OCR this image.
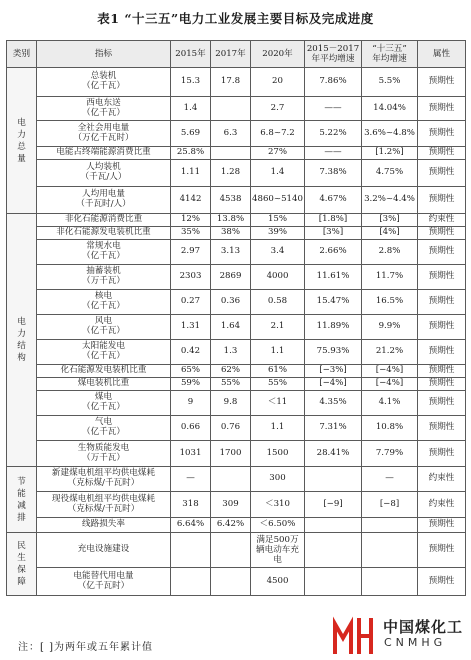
表1 “十三五”电力工业发展主要目标及完成进度
类别	指标	2015年	2017年	2020年	2015－2017
年平均增速	“十三五”
年均增速	属性
电力总量	总装机
（亿千瓦）	15.3	17.8	20	7.86%	5.5%	预期性

	西电东送
（亿千瓦）	1.4		2.7	——	14.04%	预期性

	全社会用电量
（万亿千瓦时）	5.69	6.3	6.8~7.2	5.22%	3.6%~4.8%	预期性

	电能占终端能源消费比重	25.8%		27%	——	[1.2%]	预期性

	人均装机
（千瓦/人）	1.11	1.28	1.4	7.38%	4.75%	预期性

	人均用电量
（千瓦时/人）	4142	4538	4860~5140	4.67%	3.2%~4.4%	预期性
电力结构	非化石能源消费比重	12%	13.8%	15%	[1.8%]	[3%]	约束性

	非化石能源发电装机比重	35%	38%	39%	[3%]	[4%]	预期性

	常规水电
（亿千瓦）	2.97	3.13	3.4	2.66%	2.8%	预期性

	抽蓄装机
（万千瓦）	2303	2869	4000	11.61%	11.7%	预期性

	核电
（亿千瓦）	0.27	0.36	0.58	15.47%	16.5%	预期性

	风电
（亿千瓦）	1.31	1.64	2.1	11.89%	9.9%	预期性

	太阳能发电
（亿千瓦）	0.42	1.3	1.1	75.93%	21.2%	预期性

	化石能源发电装机比重	65%	62%	61%	[−3%]	[−4%]	预期性

	煤电装机比重	59%	55%	55%	[−4%]	[−4%]	预期性

	煤电
（亿千瓦）	9	9.8	＜11	4.35%	4.1%	预期性

	气电
（亿千瓦）	0.66	0.76	1.1	7.31%	10.8%	预期性

	生物质能发电
（万千瓦）	1031	1700	1500	28.41%	7.79%	预期性
节能减排	新建煤电机组平均供电煤耗
（克标煤/千瓦时）	—		300		—	约束性

	现役煤电机组平均供电煤耗
（克标煤/千瓦时）	318	309	＜310	[−9]	[−8]	约束性

	线路损失率	6.64%	6.42%	＜6.50%			预期性
民生保障	充电设施建设			满足500万辆电动车充电			预期性

	电能替代用电量
（亿千瓦时）			4500			预期性
注：[ ]为两年或五年累计值
中国煤化工
CNMHG
